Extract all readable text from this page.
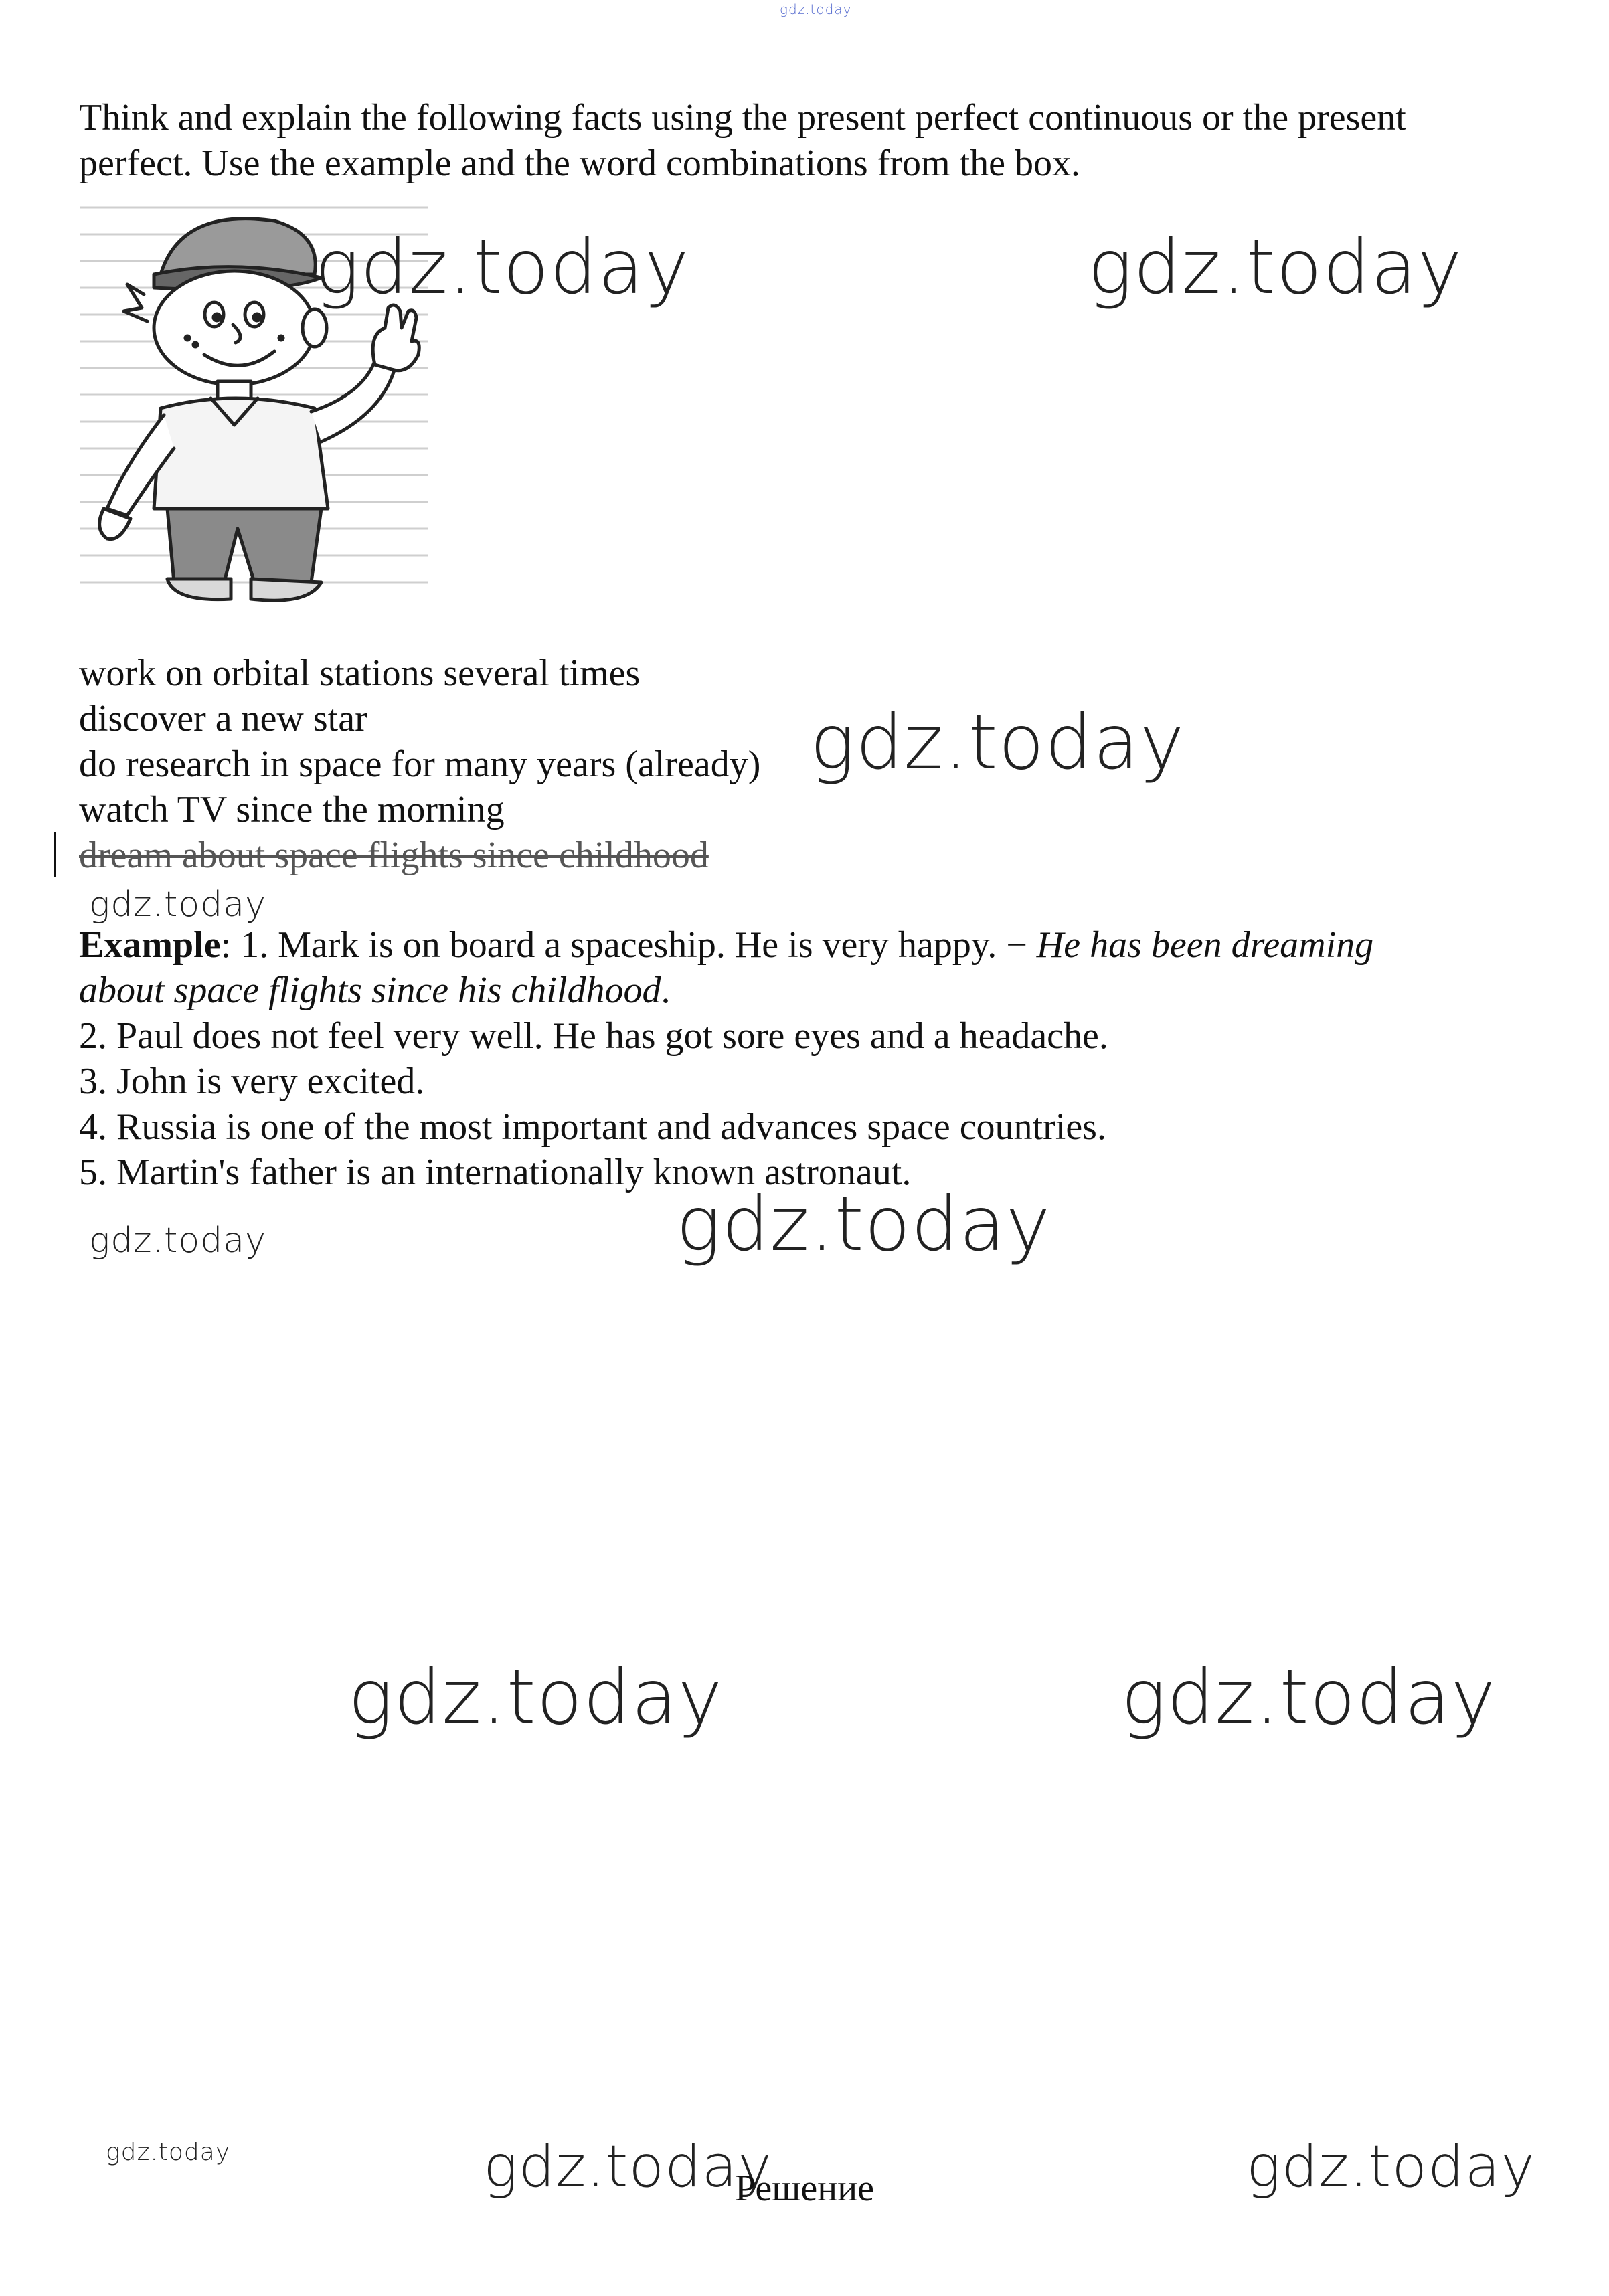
gdz.today
Think and explain the following facts using the present perfect continuous or the present
perfect. Use the example and the word combinations from the box.
gdz.today	gdz.today
work on orbital stations several times
discover a new star
do research in space for many years (already)
watch TV since the morning
dream about space flights since childhood
gdz.today
gdz.today
Example: 1. Mark is on board a spaceship. He is very happy. − He has been dreaming
about space flights since his childhood.
2. Paul does not feel very well. He has got sore eyes and a headache.
3. John is very excited.
4. Russia is one of the most important and advances space countries.
5. Martin's father is an internationally known astronaut.
gdz.today
gdz.today
gdz.today	gdz.today
gdz.today	gdz.today
Решение	gdz.today
